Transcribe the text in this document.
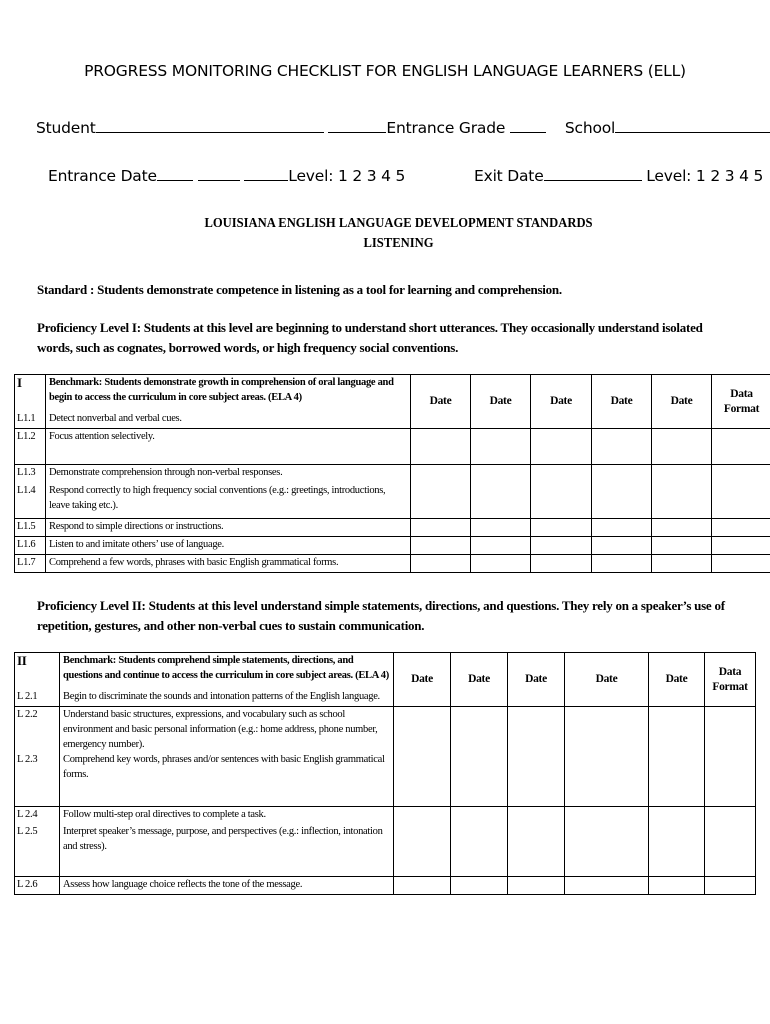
PROGRESS MONITORING CHECKLIST FOR ENGLISH LANGUAGE LEARNERS (ELL)
Student	Entrance Grade	School
Entrance Date	Level: 1 2 3 4 5	Exit Date	Level: 1 2 3 4 5
LOUISIANA ENGLISH LANGUAGE DEVELOPMENT STANDARDS
LISTENING
Standard : Students demonstrate competence in listening as a tool for learning and comprehension.
Proficiency Level I: Students at this level are beginning to understand short utterances. They occasionally understand isolated words, such as cognates, borrowed words, or high frequency social conventions.
I	Benchmark: Students demonstrate growth in comprehension of oral language and begin to access the curriculum in core subject areas. (ELA 4)	Date	Date	Date	Date	Date	Data Format
L1.1	Detect nonverbal and verbal cues.						
L1.2	Focus attention selectively.						
L1.3	Demonstrate comprehension through non-verbal responses.						
L1.4	Respond correctly to high frequency social conventions (e.g.: greetings, introductions, leave taking etc.).						
L1.5	Respond to simple directions or instructions.						
L1.6	Listen to and imitate others’ use of language.						
L1.7	Comprehend a few words, phrases with basic English grammatical forms.						
Proficiency Level II: Students at this level understand simple statements, directions, and questions. They rely on a speaker’s use of repetition, gestures, and other non-verbal cues to sustain communication.
II	Benchmark: Students comprehend simple statements, directions, and questions and continue to access the curriculum in core subject areas. (ELA 4)	Date	Date	Date	Date	Date	Data Format
L 2.1	Begin to discriminate the sounds and intonation patterns of the English language.						
L 2.2	Understand basic structures, expressions, and vocabulary such as school environment and basic personal information (e.g.: home address, phone number, emergency number).						
L 2.3	Comprehend key words, phrases and/or sentences with basic English grammatical forms.						
L 2.4	Follow multi-step oral directives to complete a task.						
L 2.5	Interpret speaker’s message, purpose, and perspectives (e.g.: inflection, intonation and stress).						
L 2.6	Assess how language choice reflects the tone of the message.						
